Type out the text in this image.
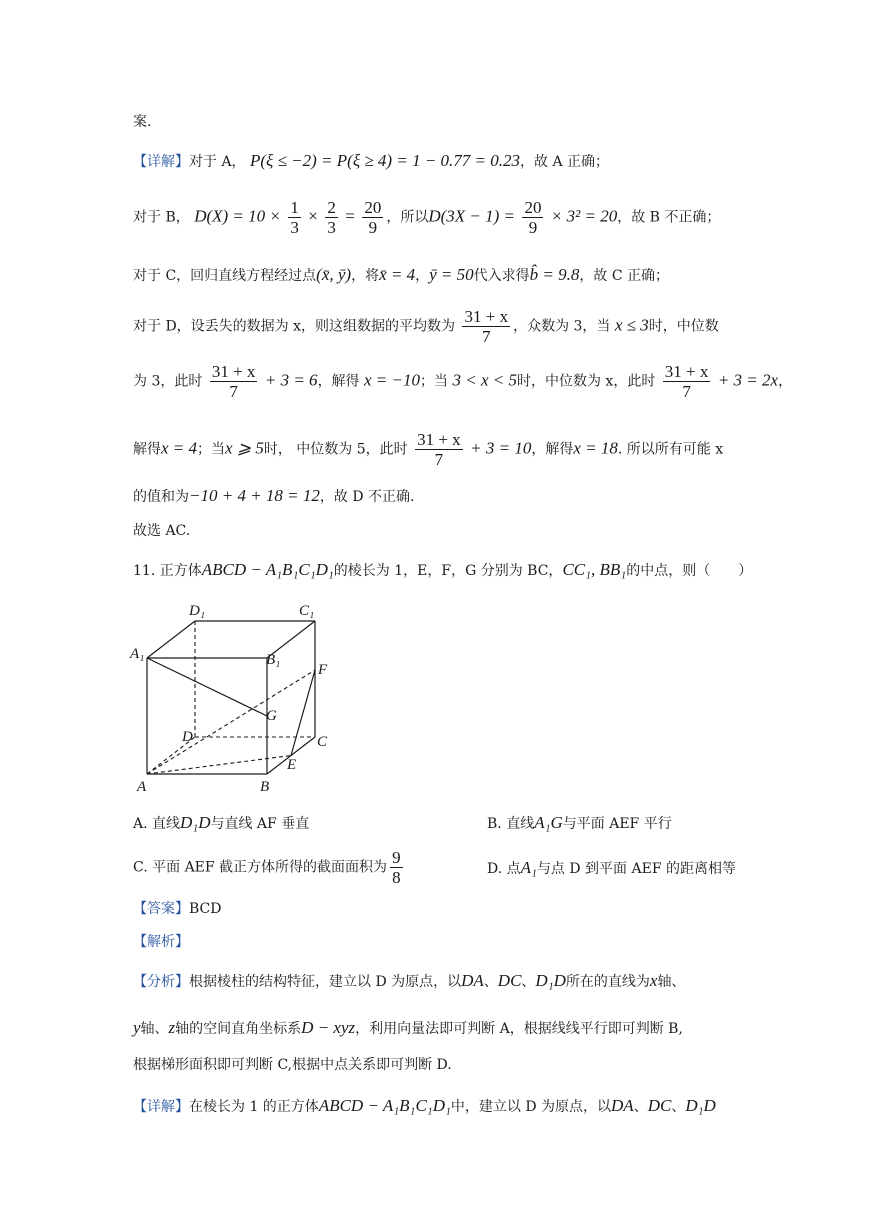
案.
【详解】对于 A， P(ξ ≤ −2) = P(ξ ≥ 4) = 1 − 0.77 = 0.23，故 A 正确；
对于 B， $D(X) = 10 \times \frac{1}{3} \times \frac{2}{3} = \frac{20}{9}$ ，所以$D(3X - 1) = \frac{20}{9} \times 3^2 = 20$，故 B 不正确；
对于 C，回归直线方程经过点(x̄, ȳ)，将x̄ = 4，ȳ = 50代入求得b̂ = 9.8，故 C 正确；
对于 D，设丢失的数据为 x，则这组数据的平均数为 $\frac{31 + x}{7}$ ，众数为 3，当 x ≤ 3时，中位数
为 3，此时 $\frac{31 + x}{7} + 3 = 6$，解得 x = −10；当 3 < x < 5时，中位数为 x，此时 $\frac{31 + x}{7} + 3 = 2x$，
解得x = 4；当x ⩾ 5时， 中位数为 5，此时 $\frac{31 + x}{7} + 3 = 10$，解得x = 18. 所以所有可能 x
的值和为−10 + 4 + 18 = 12，故 D 不正确.
故选 AC.
11. 正方体ABCD − A₁B₁C₁D₁的棱长为 1，E，F，G 分别为 BC，CC₁, BB₁的中点，则（　　）
D₁	C₁
A₁	B₁
F
G
D	C
E
A	B
A. 直线D₁D与直线 AF 垂直	B. 直线A₁G与平面 AEF 平行
C. 平面 AEF 截正方体所得的截面面积为 $\frac{9}{8}$	D. 点A₁与点 D 到平面 AEF 的距离相等
【答案】BCD
【解析】
【分析】根据棱柱的结构特征，建立以 D 为原点，以DA、DC、D₁D所在的直线为x轴、
y轴、z轴的空间直角坐标系D − xyz，利用向量法即可判断 A，根据线线平行即可判断 B,
根据梯形面积即可判断 C,根据中点关系即可判断 D.
【详解】在棱长为 1 的正方体ABCD − A₁B₁C₁D₁中，建立以 D 为原点，以DA、DC、D₁D
